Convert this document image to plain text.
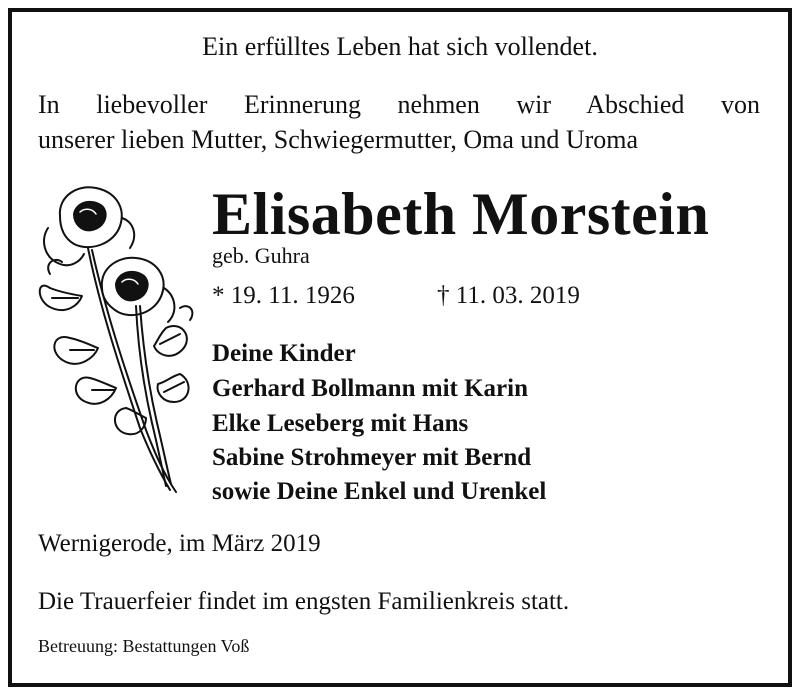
Ein erfülltes Leben hat sich vollendet.
In liebevoller Erinnerung nehmen wir Abschied von
unserer lieben Mutter, Schwiegermutter, Oma und Uroma
Elisabeth Morstein
geb. Guhra
* 19. 11. 1926	† 11. 03. 2019
Deine Kinder
Gerhard Bollmann mit Karin
Elke Leseberg mit Hans
Sabine Strohmeyer mit Bernd
sowie Deine Enkel und Urenkel
Wernigerode, im März 2019
Die Trauerfeier findet im engsten Familienkreis statt.
Betreuung: Bestattungen Voß
